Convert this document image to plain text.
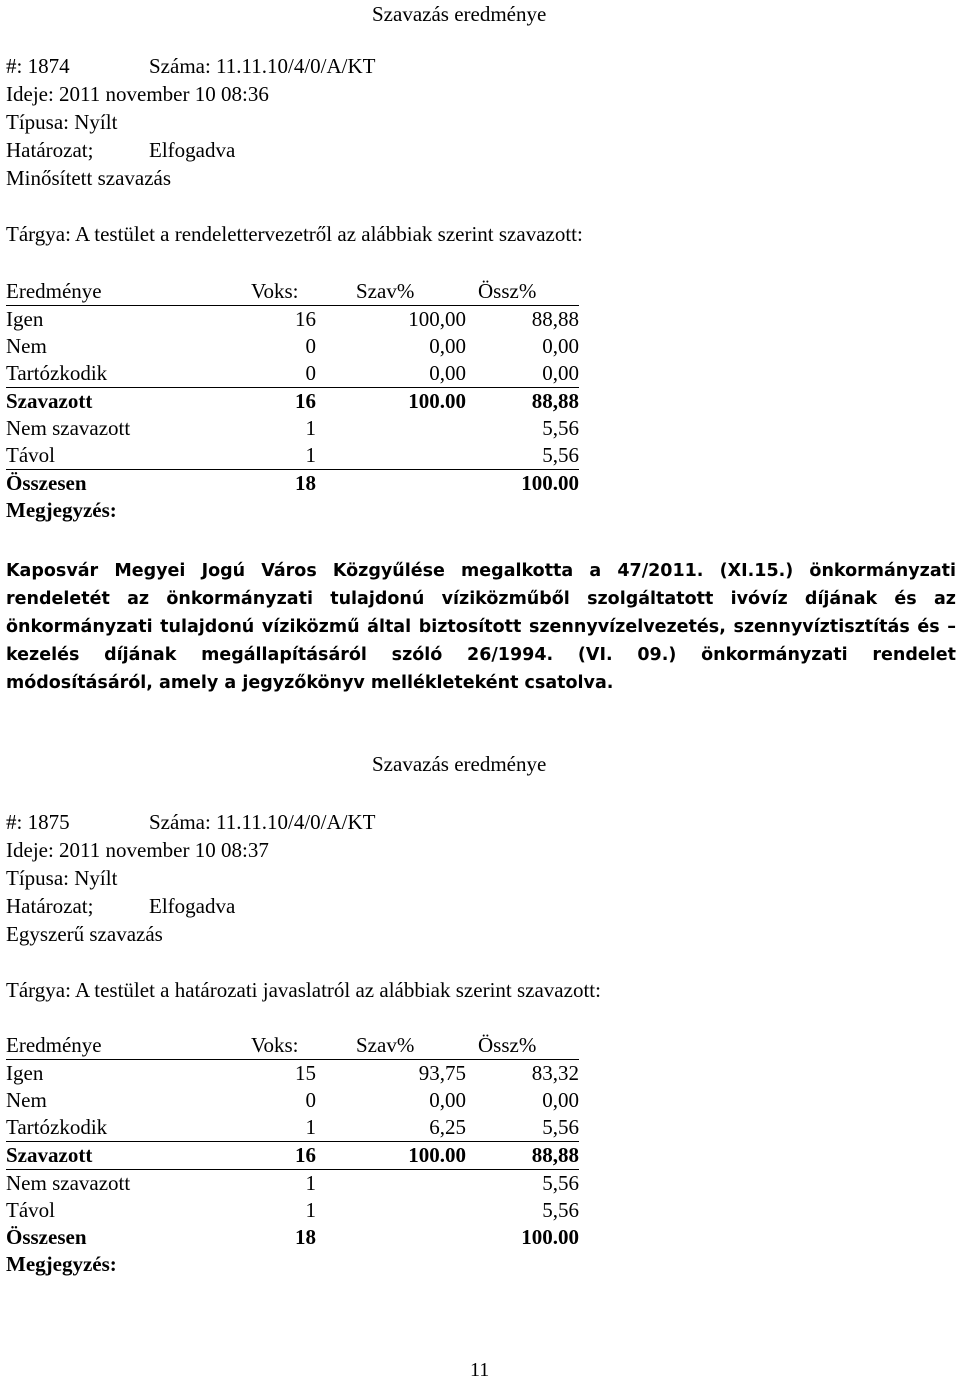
Szavazás eredménye
#: 1874	Száma: 11.11.10/4/0/A/KT
Ideje: 2011 november 10 08:36
Típusa: Nyílt
Határozat;	Elfogadva
Minősített szavazás
Tárgya: A testület a rendelettervezetről az alábbiak szerint szavazott:
Eredménye	Voks:	Szav%	Össz%
Igen	16	100,00	88,88
Nem	0	0,00	0,00
Tartózkodik	0	0,00	0,00
Szavazott	16	100.00	88,88
Nem szavazott	1		5,56
Távol	1		5,56
Összesen	18		100.00
Megjegyzés:			
Kaposvár Megyei Jogú Város Közgyűlése megalkotta a 47/2011. (XI.15.) önkormányzati rendeletét az önkormányzati tulajdonú víziközműből szolgáltatott ivóvíz díjának és az önkormányzati tulajdonú víziközmű által biztosított szennyvízelvezetés, szennyvíztisztítás és –kezelés díjának megállapításáról szóló 26/1994. (VI. 09.) önkormányzati rendelet módosításáról, amely a jegyzőkönyv mellékleteként csatolva.
Szavazás eredménye
#: 1875	Száma: 11.11.10/4/0/A/KT
Ideje: 2011 november 10 08:37
Típusa: Nyílt
Határozat;	Elfogadva
Egyszerű szavazás
Tárgya: A testület a határozati javaslatról az alábbiak szerint szavazott:
Eredménye	Voks:	Szav%	Össz%
Igen	15	93,75	83,32
Nem	0	0,00	0,00
Tartózkodik	1	6,25	5,56
Szavazott	16	100.00	88,88
Nem szavazott	1		5,56
Távol	1		5,56
Összesen	18		100.00
Megjegyzés:			
11
